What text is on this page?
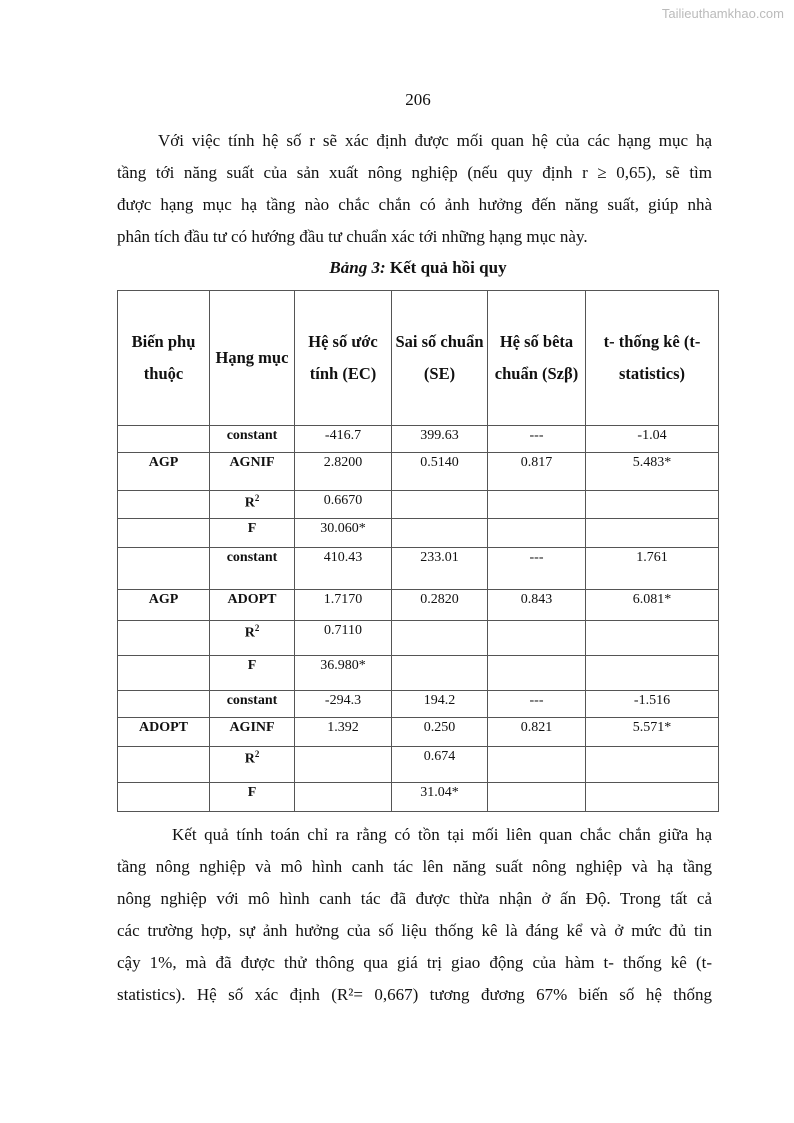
Tailieuthamkhao.com
206
Với việc tính hệ số r sẽ xác định được mối quan hệ của các hạng mục hạ
tầng tới năng suất của sản xuất nông nghiệp (nếu quy định r ≥ 0,65), sẽ tìm
được hạng mục hạ tầng nào chắc chắn có ảnh hưởng đến năng suất, giúp nhà
phân tích đầu tư có hướng đầu tư chuẩn xác tới những hạng mục này.
Bảng 3: Kết quả hồi quy
Biến phụ thuộc	Hạng mục	Hệ số ước tính (EC)	Sai số chuẩn (SE)	Hệ số bêta chuẩn (Szβ)	t- thống kê (t-statistics)
	constant	-416.7	399.63	---	-1.04
AGP	AGNIF	2.8200	0.5140	0.817	5.483*
	$R^2$	0.6670			
	F	30.060*			
	constant	410.43	233.01	---	1.761
AGP	ADOPT	1.7170	0.2820	0.843	6.081*
	$R^2$	0.7110			
	F	36.980*			
	constant	-294.3	194.2	---	-1.516
ADOPT	AGINF	1.392	0.250	0.821	5.571*
	$R^2$		0.674		
	F		31.04*		
Kết quả tính toán chỉ ra rằng có tồn tại mối liên quan chắc chắn giữa hạ
tầng nông nghiệp và mô hình canh tác lên năng suất nông nghiệp và hạ tầng
nông nghiệp với mô hình canh tác đã được thừa nhận ở ấn Độ. Trong tất cả
các trường hợp, sự ảnh hưởng của số liệu thống kê là đáng kể và ở mức đủ tin
cậy 1%, mà đã được thử thông qua giá trị giao động của hàm t- thống kê (t-
statistics). Hệ số xác định (R²= 0,667) tương đương 67% biến số hệ thống
